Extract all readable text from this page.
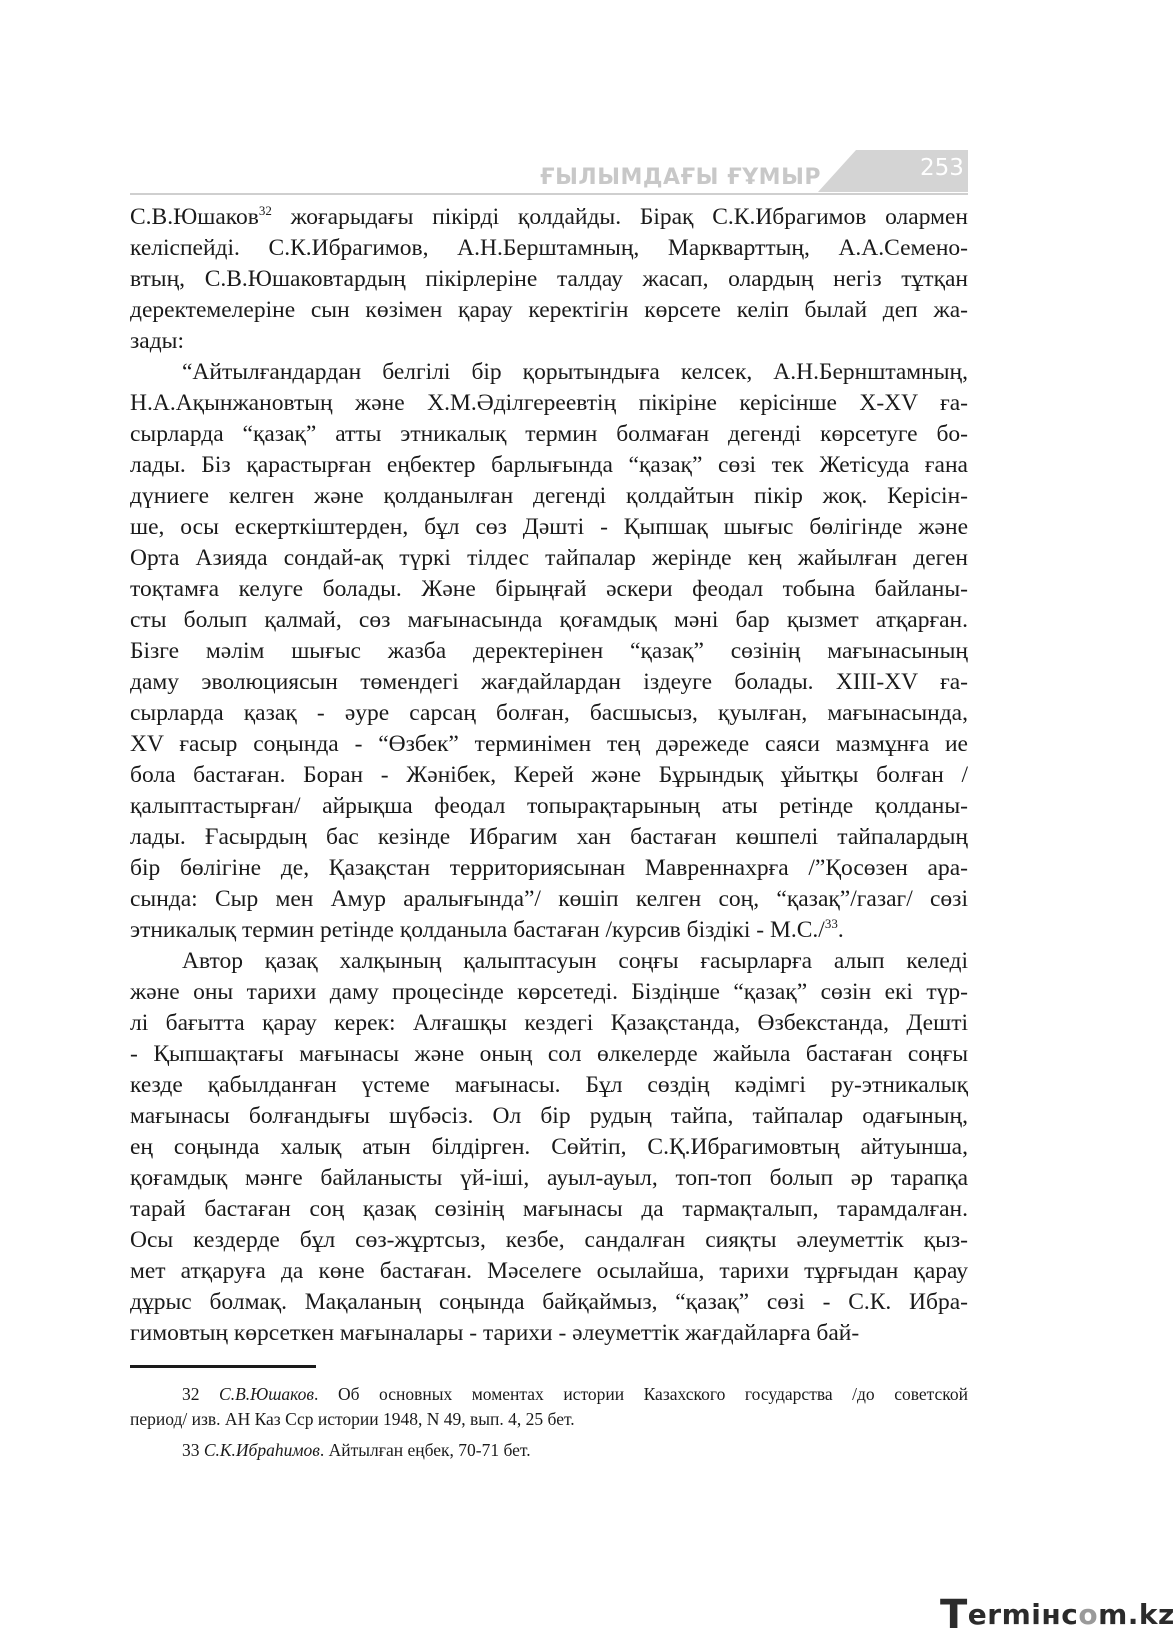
ҒЫЛЫМДАҒЫ ҒҰМЫР	253
С.В.Юшаков$^{32}$ жоғарыдағы пікірді қолдайды. Бірақ С.К.Ибрагимов олармен
келіспейді. С.К.Ибрагимов, А.Н.Берштамның, Маркварттың, А.А.Семено-
втың, С.В.Юшаковтардың пікірлеріне талдау жасап, олардың негіз тұтқан
деректемелеріне сын көзімен қарау керектігін көрсете келіп былай деп жа-
зады:
“Айтылғандардан белгілі бір қорытындыға келсек, А.Н.Бернштамның,
Н.А.Ақынжановтың және Х.М.Әділгереевтің пікіріне керісінше X-XV ға-
сырларда “қазақ” атты этникалық термин болмаған дегенді көрсетуге бо-
лады. Біз қарастырған еңбектер барлығында “қазақ” сөзі тек Жетісуда ғана
дүниеге келген және қолданылған дегенді қолдайтын пікір жоқ. Керісін-
ше, осы ескерткіштерден, бұл сөз Дәшті - Қыпшақ шығыс бөлігінде және
Орта Азияда сондай-ақ түркі тілдес тайпалар жерінде кең жайылған деген
тоқтамға келуге болады. Және бірыңғай әскери феодал тобына байланы-
сты болып қалмай, сөз мағынасында қоғамдық мәні бар қызмет атқарған.
Бізге мәлім шығыс жазба деректерінен “қазақ” сөзінің мағынасының
даму эволюциясын төмендегі жағдайлардан іздеуге болады. XIII-XV ға-
сырларда қазақ - әуре сарсаң болған, басшысыз, қуылған, мағынасында,
XV ғасыр соңында - “Өзбек” терминімен тең дәрежеде саяси мазмұнға ие
бола бастаған. Боран - Жәнібек, Керей және Бұрындық ұйытқы болған /
қалыптастырған/ айрықша феодал топырақтарының аты ретінде қолданы-
лады. Ғасырдың бас кезінде Ибрагим хан бастаған көшпелі тайпалардың
бір бөлігіне де, Қазақстан территориясынан Мавреннахрға /”Қосөзен ара-
сында: Сыр мен Амур аралығында”/ көшіп келген соң, “қазақ”/газаг/ сөзі
этникалық термин ретінде қолданыла бастаған /курсив біздікі - М.С./$^{33}$.
Автор қазақ халқының қалыптасуын соңғы ғасырларға алып келеді
және оны тарихи даму процесінде көрсетеді. Біздіңше “қазақ” сөзін екі түр-
лі бағытта қарау керек: Алғашқы кездегі Қазақстанда, Өзбекстанда, Дешті
- Қыпшақтағы мағынасы және оның сол өлкелерде жайыла бастаған соңғы
кезде қабылданған үстеме мағынасы. Бұл сөздің кәдімгі ру-этникалық
мағынасы болғандығы шүбәсіз. Ол бір рудың тайпа, тайпалар одағының,
ең соңында халық атын білдірген. Сөйтіп, С.Қ.Ибрагимовтың айтуынша,
қоғамдық мәнге байланысты үй-іші, ауыл-ауыл, топ-топ болып әр тарапқа
тарай бастаған соң қазақ сөзінің мағынасы да тармақталып, тарамдалған.
Осы кездерде бұл сөз-жұртсыз, кезбе, сандалған сияқты әлеуметтік қыз-
мет атқаруға да көне бастаған. Мәселеге осылайша, тарихи тұрғыдан қарау
дұрыс болмақ. Мақаланың соңында байқаймыз, “қазақ” сөзі - С.К. Ибра-
гимовтың көрсеткен мағыналары - тарихи - әлеуметтік жағдайларға бай-
32 С.В.Юшаков. Об основных моментах истории Казахского государства /до советской
период/ изв. АН Каз Сср истории 1948, N 49, вып. 4, 25 бет.
33 С.К.Ибраһимов. Айтылған еңбек, 70-71 бет.
Termінcom.kz
